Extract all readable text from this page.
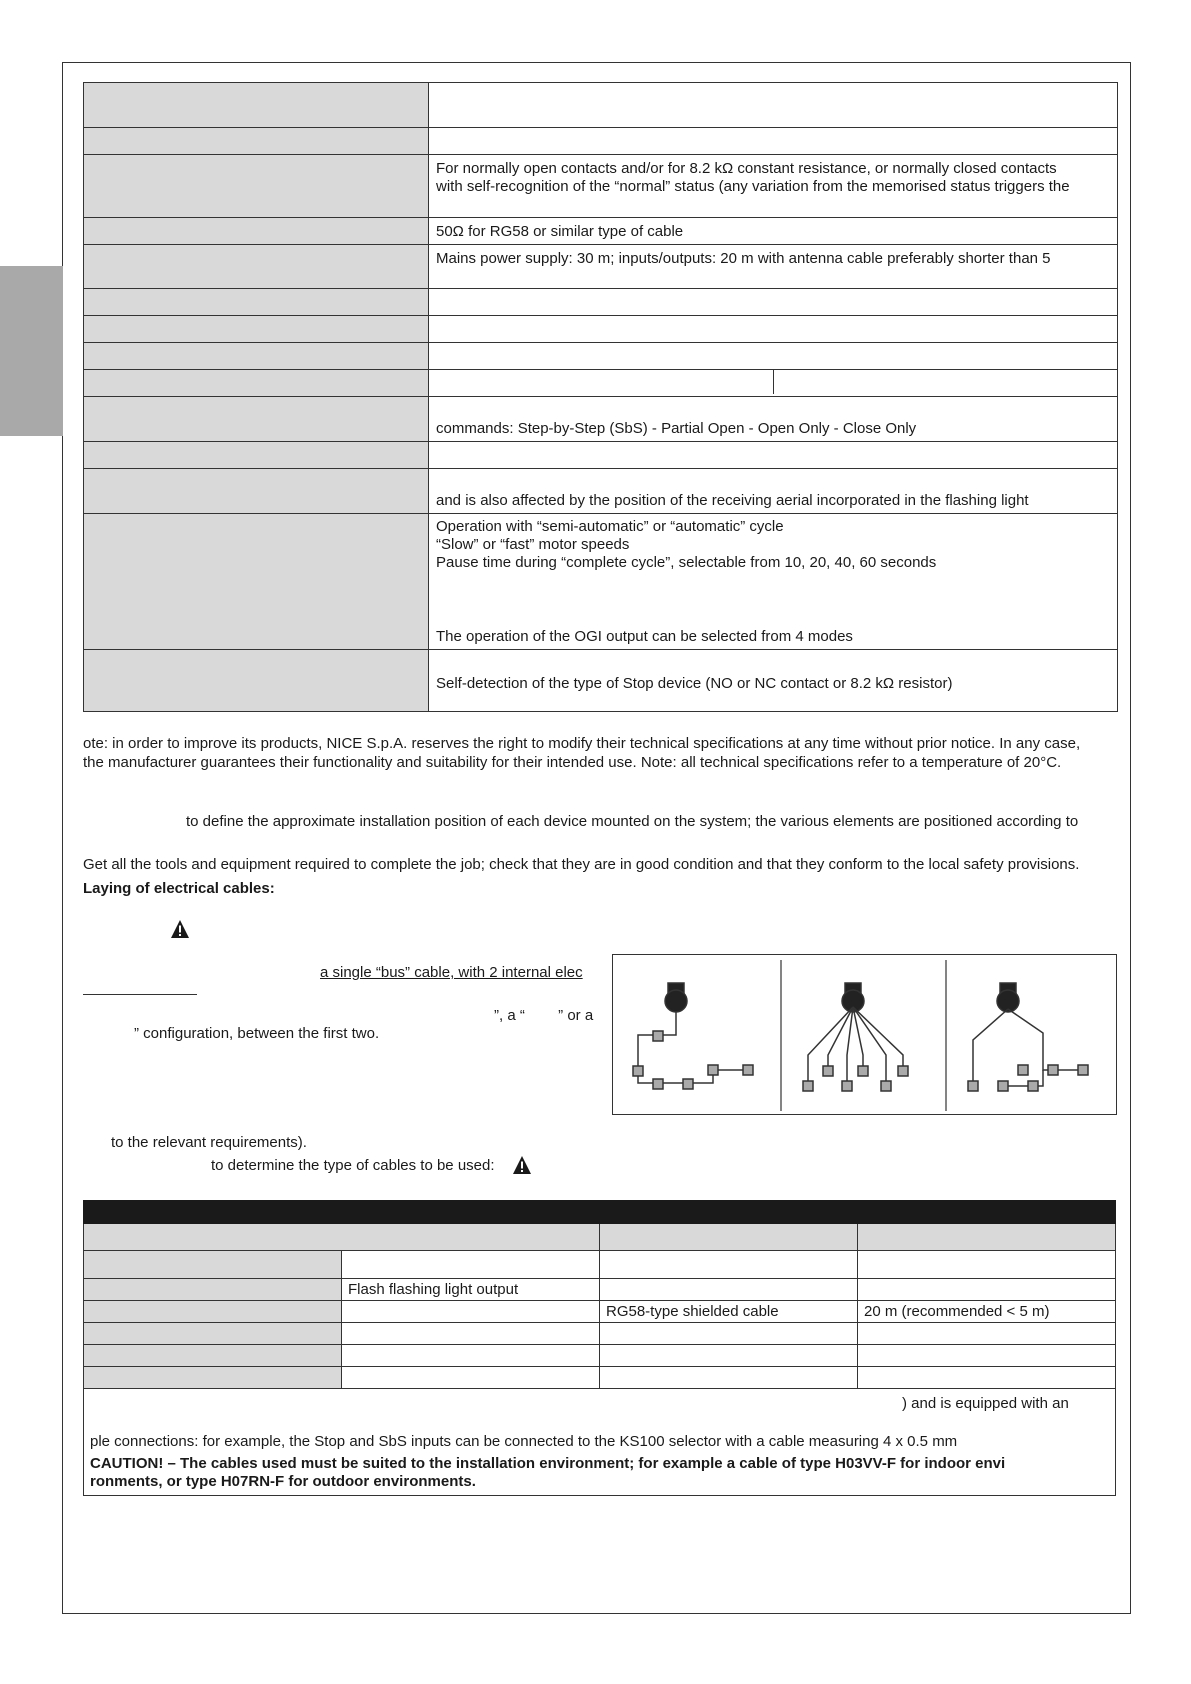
	For normally open contacts and/or for 8.2 kΩ constant resistance, or normally closed contacts
with self-recognition of the “normal” status (any variation from the memorised status triggers the

	50Ω for RG58 or similar type of cable
	Mains power supply: 30 m; inputs/outputs: 20 m with antenna cable preferably shorter than 5

	commands: Step-by-Step (SbS) - Partial Open - Open Only - Close Only

	and is also affected by the position of the receiving aerial incorporated in the flashing light

	Operation with “semi-automatic” or “automatic” cycle
“Slow” or “fast” motor speeds
Pause time during “complete cycle”, selectable from 10, 20, 40, 60 seconds
The operation of the OGI output can be selected from 4 modes

	Self-detection of the type of Stop device (NO or NC contact or 8.2 kΩ resistor)
ote: in order to improve its products, NICE S.p.A. reserves the right to modify their technical specifications at any time without prior notice. In any case,
the manufacturer guarantees their functionality and suitability for their intended use. Note: all technical specifications refer to a temperature of 20°C.
to define the approximate installation position of each device mounted on the system; the various elements are positioned according to
Get all the tools and equipment required to complete the job; check that they are in good condition and that they conform to the local safety provisions.
Laying of electrical cables:
a single “bus” cable, with 2 internal elec
”, a “        ” or a
” configuration, between the first two.
to the relevant requirements).
to determine the type of cables to be used:

	Flash flashing light output		
		RG58-type shielded cable	20 m (recommended < 5 m)

) and is equipped with an
ple connections: for example, the Stop and SbS inputs can be connected to the KS100 selector with a cable measuring 4 x 0.5 mm
CAUTION! – The cables used must be suited to the installation environment; for example a cable of type H03VV-F for indoor envi
ronments, or type H07RN-F for outdoor environments.			
